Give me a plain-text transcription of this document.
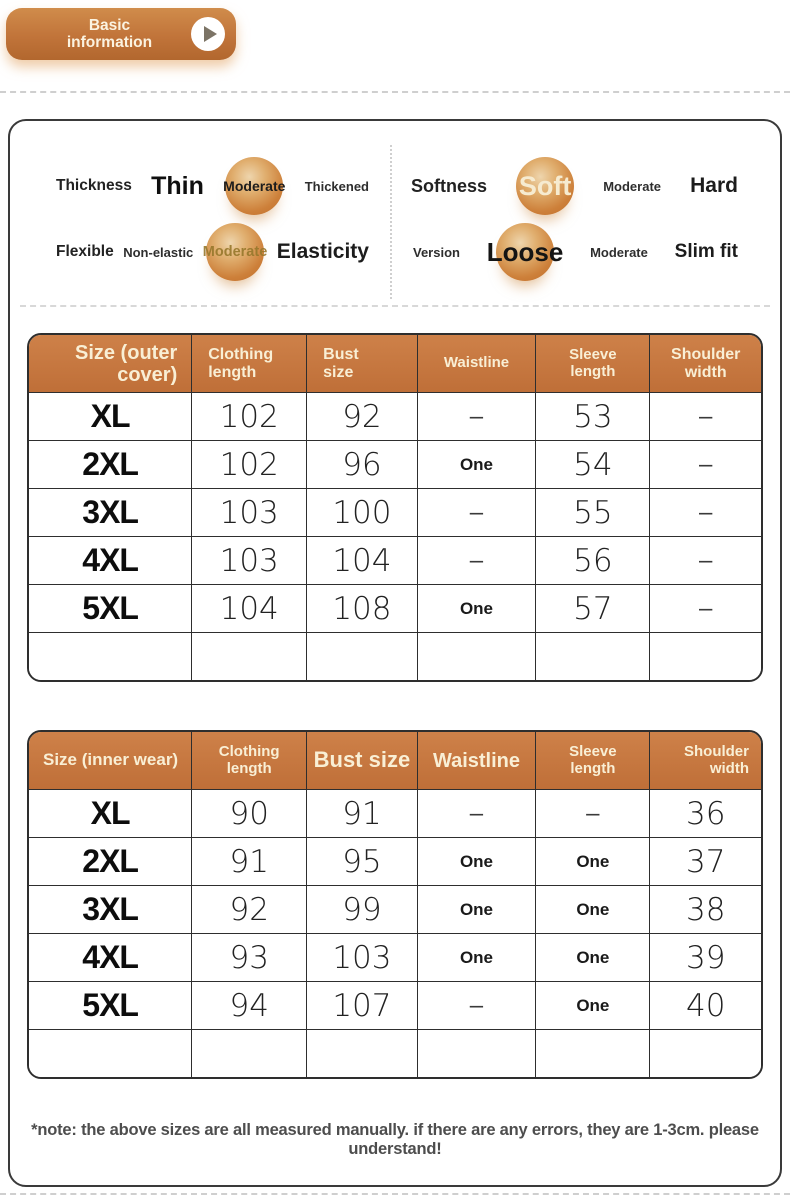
Basic information
Thickness Thin Moderate Thickened Softness Soft Moderate Hard
Flexible Non-elastic Moderate Elasticity	Version Loose Moderate Slim fit
Size (outer cover)	Clothing length	Bust size	Waistline	Sleeve length	Shoulder width
XL	102	92	–	53	–
2XL	102	96	One	54	–
3XL	103	100	–	55	–
4XL	103	104	–	56	–
5XL	104	108	One	57	–

Size (inner wear)	Clothing length	Bust size	Waistline	Sleeve length	Shoulder width
XL	90	91	–	–	36
2XL	91	95	One	One	37
3XL	92	99	One	One	38
4XL	93	103	One	One	39
5XL	94	107	–	One	40

*note: the above sizes are all measured manually. if there are any errors, they are 1-3cm. please understand!
